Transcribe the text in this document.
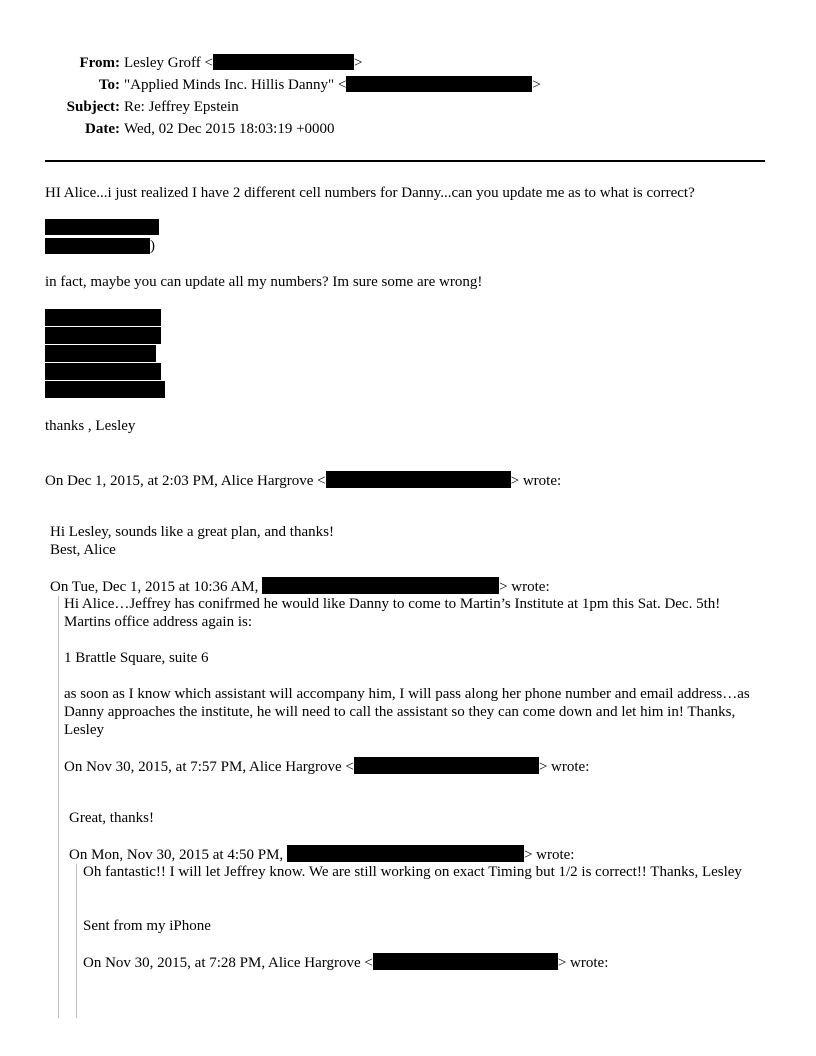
From: Lesley Groff <	>
To: "Applied Minds Inc. Hillis Danny" <	>
Subject: Re: Jeffrey Epstein
Date: Wed, 02 Dec 2015 18:03:19 +0000
HI Alice...i just realized I have 2 different cell numbers for Danny...can you update me as to what is correct?
)
in fact, maybe you can update all my numbers? Im sure some are wrong!
thanks , Lesley
On Dec 1, 2015, at 2:03 PM, Alice Hargrove <	> wrote:
Hi Lesley, sounds like a great plan, and thanks!
Best, Alice
On Tue, Dec 1, 2015 at 10:36 AM,	> wrote:
Hi Alice…Jeffrey has conifrmed he would like Danny to come to Martin’s Institute at 1pm this Sat. Dec. 5th! Martins office address again is:
1 Brattle Square, suite 6
as soon as I know which assistant will accompany him, I will pass along her phone number and email address…as Danny approaches the institute, he will need to call the assistant so they can come down and let him in! Thanks, Lesley
On Nov 30, 2015, at 7:57 PM, Alice Hargrove <	> wrote:
Great, thanks!
On Mon, Nov 30, 2015 at 4:50 PM,	> wrote:
Oh fantastic!! I will let Jeffrey know. We are still working on exact Timing but 1/2 is correct!! Thanks, Lesley
Sent from my iPhone
On Nov 30, 2015, at 7:28 PM, Alice Hargrove <	> wrote:
